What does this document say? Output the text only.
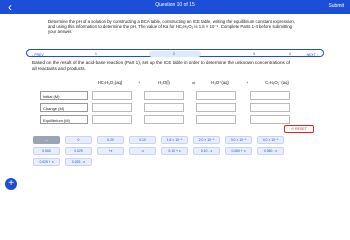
‹	Question 10 of 15	Submit
Determine the pH of a solution by constructing a BCA table, constructing an ICE table, writing the equilibrium constant expression, and using this information to determine the pH. The value of Ka for HC₇H₅O₂ is 1.6 × 10⁻⁵. Complete Parts 1-4 before submitting your answer.
〈 PREV	1	2	3	4	NEXT 〉
Based on the result of the acid-base reaction (Part 1), set up the ICE table in order to determine the unknown concentrations of all reactants and products.
HC₇H₅O₂(aq)	+	H₂O(l)	⇌	H₃O⁺(aq)	+	C₇H₅O₂⁻(aq)
Initial (M)
Change (M)
Equilibrium (M)
↺ RESET
—	0	0.20	0.10	1.6 × 10⁻⁵	2.0 × 10⁻⁵	3.0 × 10⁻⁵	4.0 × 10⁻⁵
0.060	0.029	+x	-x	0.10 + x	0.10 - x	0.060 + x	0.060 - x
0.029 + x	0.029 - x
+
